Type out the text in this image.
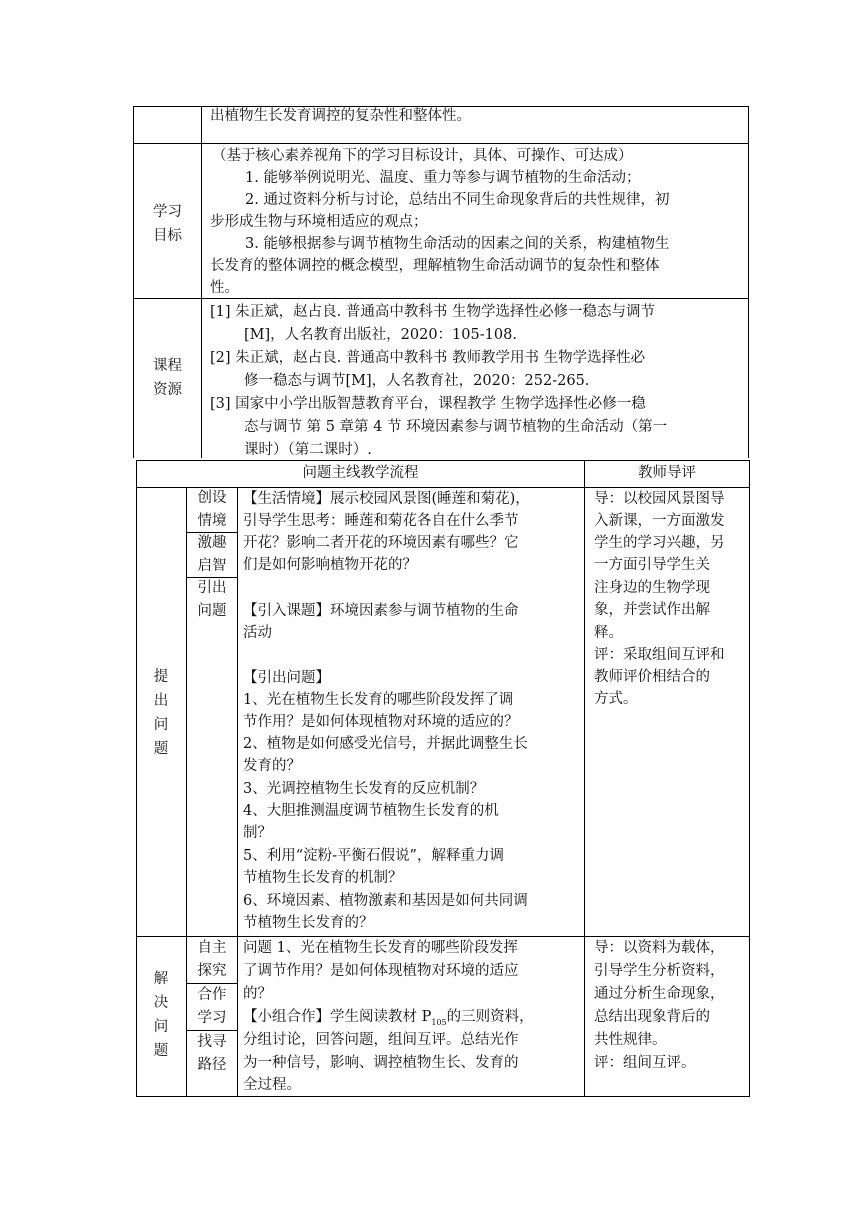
出植物生长发育调控的复杂性和整体性。
学习
目标
（基于核心素养视角下的学习目标设计，具体、可操作、可达成）
1. 能够举例说明光、温度、重力等参与调节植物的生命活动；
2. 通过资料分析与讨论，总结出不同生命现象背后的共性规律，初
步形成生物与环境相适应的观点；
3. 能够根据参与调节植物生命活动的因素之间的关系，构建植物生
长发育的整体调控的概念模型，理解植物生命活动调节的复杂性和整体
性。
课程
资源
[1] 朱正斌，赵占良. 普通高中教科书 生物学选择性必修一稳态与调节
[M]，人名教育出版社，2020：105-108.
[2] 朱正斌，赵占良. 普通高中教科书 教师教学用书 生物学选择性必
修一稳态与调节[M]，人名教育社，2020：252-265.
[3] 国家中小学出版智慧教育平台，课程教学 生物学选择性必修一稳
态与调节 第 5 章第 4 节 环境因素参与调节植物的生命活动（第一
课时）（第二课时）.
问题主线教学流程	教师导评
提
出
问
题
创设
情境
激趣
启智
引出
问题
【生活情境】展示校园风景图(睡莲和菊花)，
引导学生思考：睡莲和菊花各自在什么季节
开花？影响二者开花的环境因素有哪些？它
们是如何影响植物开花的？
【引入课题】环境因素参与调节植物的生命
活动
【引出问题】
1、光在植物生长发育的哪些阶段发挥了调
节作用？是如何体现植物对环境的适应的？
2、植物是如何感受光信号，并据此调整生长
发育的？
3、光调控植物生长发育的反应机制？
4、大胆推测温度调节植物生长发育的机
制？
5、利用“淀粉-平衡石假说”，解释重力调
节植物生长发育的机制？
6、环境因素、植物激素和基因是如何共同调
节植物生长发育的？
导：以校园风景图导
入新课，一方面激发
学生的学习兴趣，另
一方面引导学生关
注身边的生物学现
象，并尝试作出解
释。
评：采取组间互评和
教师评价相结合的
方式。
解
决
问
题
自主
探究
合作
学习
找寻
路径
问题 1、光在植物生长发育的哪些阶段发挥
了调节作用？是如何体现植物对环境的适应
的？
【小组合作】学生阅读教材 $P_{105}$的三则资料，
分组讨论，回答问题，组间互评。总结光作
为一种信号，影响、调控植物生长、发育的
全过程。
导：以资料为载体，
引导学生分析资料，
通过分析生命现象，
总结出现象背后的
共性规律。
评：组间互评。
